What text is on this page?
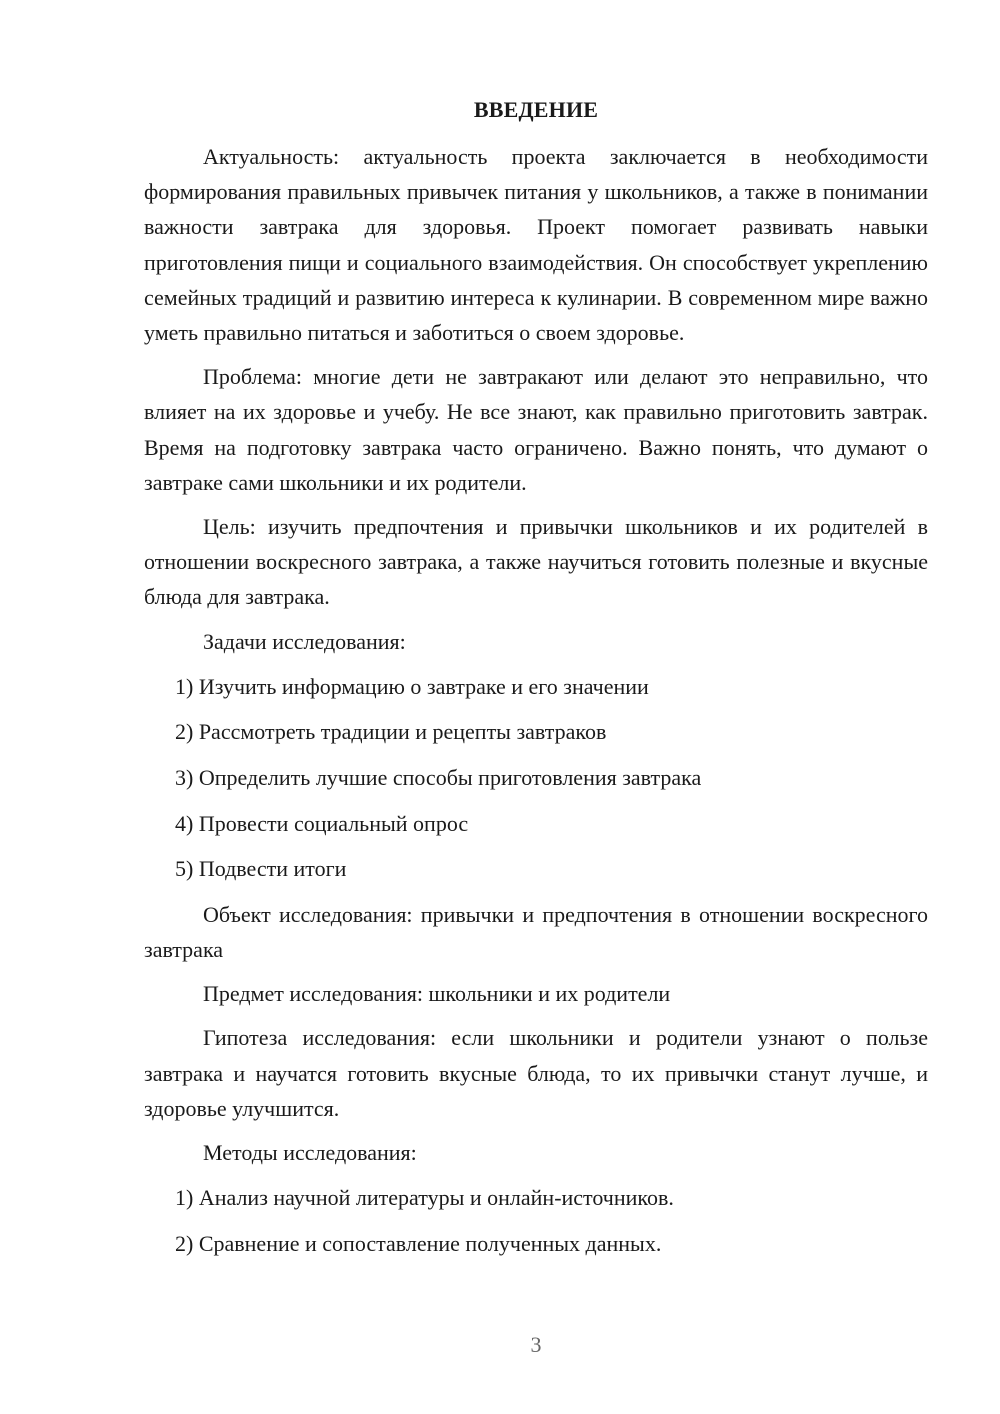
ВВЕДЕНИЕ

Актуальность: актуальность проекта заключается в необходимости формирования правильных привычек питания у школьников, а также в понимании важности завтрака для здоровья. Проект помогает развивать навыки приготовления пищи и социального взаимодействия. Он способствует укреплению семейных традиций и развитию интереса к кулинарии. В современном мире важно уметь правильно питаться и заботиться о своем здоровье.

Проблема: многие дети не завтракают или делают это неправильно, что влияет на их здоровье и учебу. Не все знают, как правильно приготовить завтрак. Время на подготовку завтрака часто ограничено. Важно понять, что думают о завтраке сами школьники и их родители.

Цель: изучить предпочтения и привычки школьников и их родителей в отношении воскресного завтрака, а также научиться готовить полезные и вкусные блюда для завтрака.

Задачи исследования:
1) Изучить информацию о завтраке и его значении
2) Рассмотреть традиции и рецепты завтраков
3) Определить лучшие способы приготовления завтрака
4) Провести социальный опрос
5) Подвести итоги

Объект исследования: привычки и предпочтения в отношении воскресного завтрака

Предмет исследования: школьники и их родители

Гипотеза исследования: если школьники и родители узнают о пользе завтрака и научатся готовить вкусные блюда, то их привычки станут лучше, и здоровье улучшится.

Методы исследования:
1) Анализ научной литературы и онлайн-источников.
2) Сравнение и сопоставление полученных данных.
3
